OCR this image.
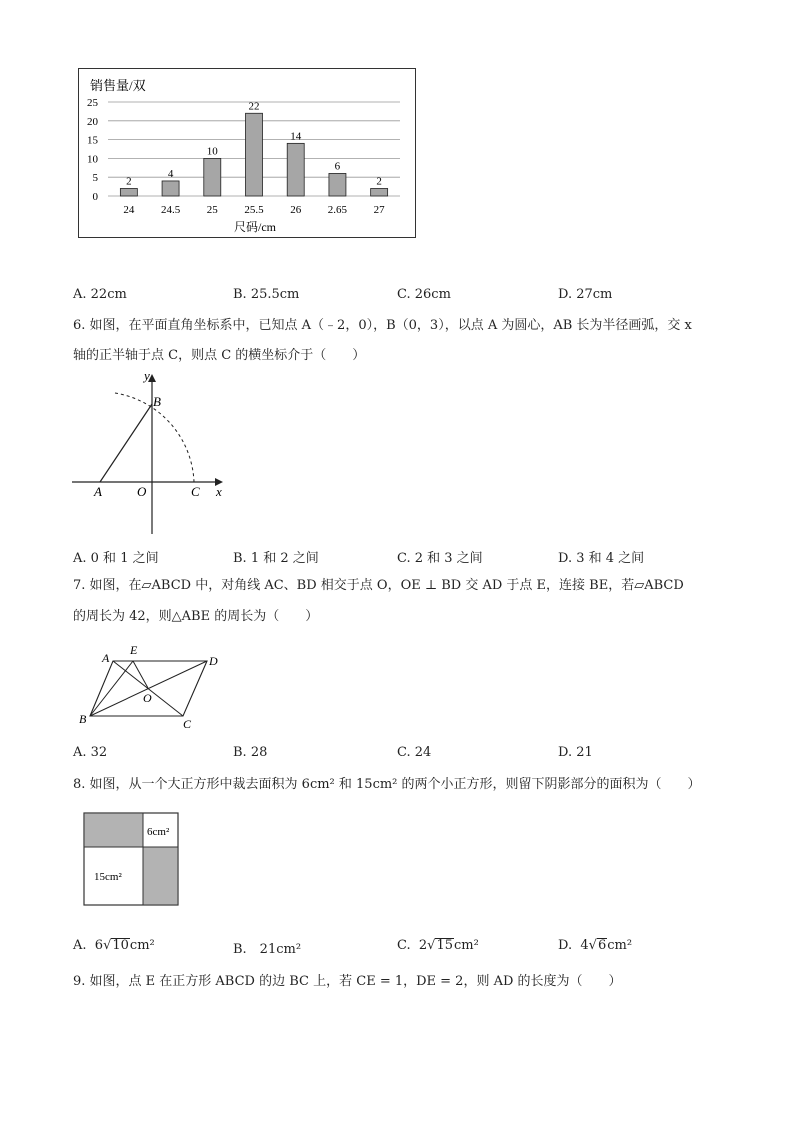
销售量/双
尺码/cm
0
5
10
15
20
25
2
4
10
22
14
6
2
24 24.5 25 25.5 26 2.65 27
A. 22cm	B. 25.5cm	C. 26cm	D. 27cm
6. 如图，在平面直角坐标系中，已知点 A（﹣2，0），B（0，3），以点 A 为圆心，AB 长为半径画弧，交 x
轴的正半轴于点 C，则点 C 的横坐标介于（　　）
y
x
B
A	O	C
A. 0 和 1 之间	B. 1 和 2 之间	C. 2 和 3 之间	D. 3 和 4 之间
7. 如图，在▱ABCD 中，对角线 AC、BD 相交于点 O，OE ⊥ BD 交 AD 于点 E，连接 BE，若▱ABCD
的周长为 42，则△ABE 的周长为（　　）
A
E
D
O
B	C
A. 32	B. 28	C. 24	D. 21
8. 如图，从一个大正方形中裁去面积为 6cm² 和 15cm² 的两个小正方形，则留下阴影部分的面积为（　　）
6cm²
15cm²
A. 6√10cm²	B.　21cm²	C. 2√15cm²	D. 4√6cm²
9. 如图，点 E 在正方形 ABCD 的边 BC 上，若 CE = 1，DE = 2，则 AD 的长度为（　　）
